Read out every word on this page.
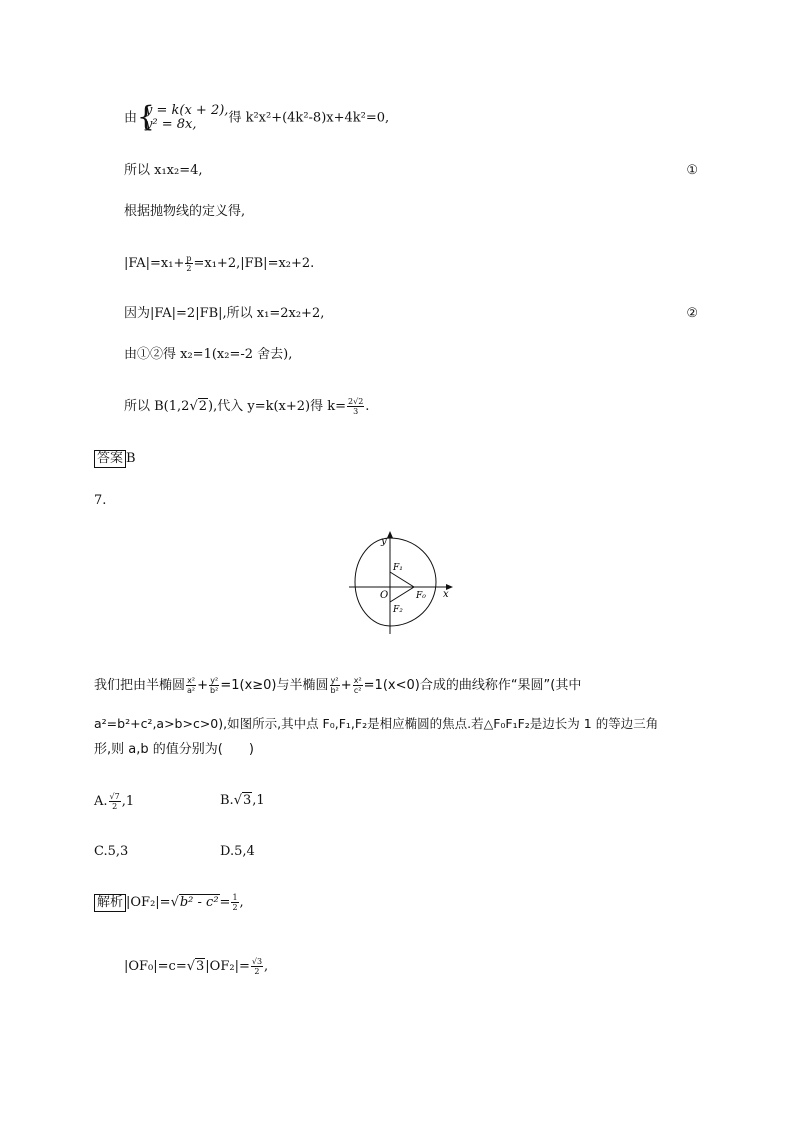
由 {
y = k(x + 2),
y² = 8x,	得 k²x²+(4k²-8)x+4k²=0,
所以 x₁x₂=4,	①
根据抛物线的定义得,
$|FA|=x_1+ \frac{p}{2} =x_1+2,|FB|=x_2+2$.
因为|FA|=2|FB|,所以 x₁=2x₂+2,	②
由①②得 x₂=1(x₂=-2 舍去),
所以 B(1,2√2),代入 y=k(x+2)得 $k= \frac{2√2}{3}$ .
答案 B
7.
y
x
O	F₀
F₁
F₂
我们把由半椭圆 $\frac{\text{x²}}{\text{a²}} + \frac{\text{y²}}{\text{b²}} =1(x\ge 0)$与半椭圆 $\frac{\text{y²}}{\text{b²}} + \frac{\text{x²}}{\text{c²}} =1(x<0)$合成的曲线称作“果圆”(其中
a²=b²+c²,a>b>c>0),如图所示,其中点 F₀,F₁,F₂是相应椭圆的焦点.若△F₀F₁F₂是边长为 1 的等边三角
形,则 a,b 的值分别为(　　)
A. $\frac{√7}{2} ,1$	B.√3,1
C.5,3	D.5,4
解析 $|OF_2|=√b^2 - c^2= \frac{1}{2}$ ,
$|OF_0|=c=√3|OF_2|= \frac{√3}{2}$ ,
